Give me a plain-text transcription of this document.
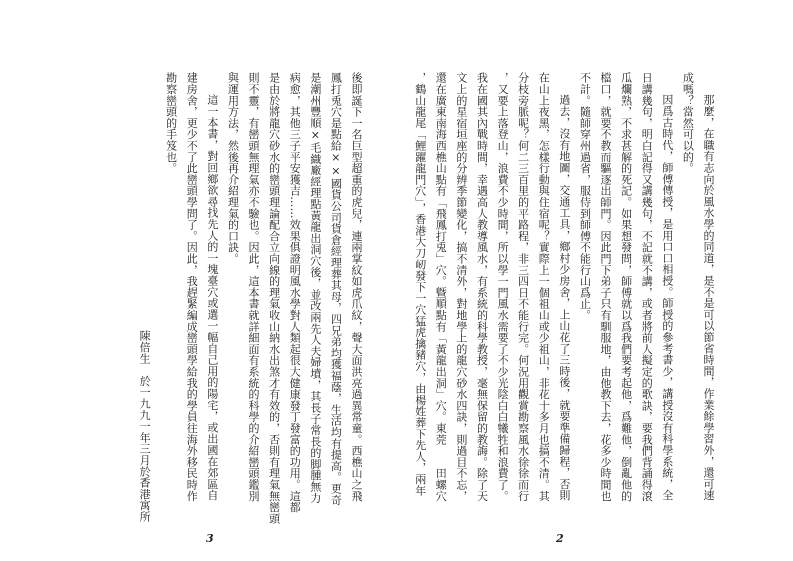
那麼，在職有志向於風水學的同道，是不是可以節省時間，作業餘學習外，還可速
成嗎？當然可以的。
因爲古時代，師傅傳授，是用口口相授。師授的參考書少，講授沒有科學系統，全
日講幾句，明白記得又講幾句，不記就不講，或者將前人擬定的歌訣，要我們背誦得滾
瓜爛熟，不求甚解的死記。如果想發問，師傅就以爲我們要考起他，爲難他，倒亂他的
檔口，就要不教而驅逐出師門。因此門下弟子只有馴服地，由他教下去，花多少時間也
不計。隨師穿州過省，服侍到師傅不能行山爲止。
過去，沒有地圖，交通工具，鄉村少房舍，上山花了三時後，就要準備歸程，否則
在山上夜黑，怎樣行動與住宿呢？實際上一個祖山或少祖山，非花十多月也搞不清。其
分枝旁脈呢？何二三百里的平路程，非三四日不能行完。何況用觀賞勘察風水徐徐而行
，又要上落登山，浪費不少時間，所以學一門風水需要了不少光陰白白犧牲和浪費了。
我在國其內戰時間，幸遇高人教導風水，有系統的科學教授，毫無保留的教誨。除了天
文上的星宿垣座的分辨季節變化，搞不清外，對地學上的龍穴砂水四訣，則過目不忘，
還在廣東南海西樵山點有「飛鳳打兎」穴。曁順點有「黃龍出洞」穴。東莞　　田螺穴
，鶴山龍尾「鯉躍龍門穴」，香港大刀屻發下一穴猛虎擒豬穴，由楊姓葬下先人，兩年
2
後即誕下一名巨型超重的虎兒，連兩掌紋如虎爪紋，聲大面洪亮過異常童。西樵山之飛
鳳打兎穴是點給××國貨公司貨倉經理葬其母，四兄弟均獲福蔭，生活均有提高。更奇
是潮州豐順×毛織廠經理點黃龍出洞穴後，並改兩先人夫婦墳，其長子常長的脚腫無力
病愈，其他三子平安獲吉……效果俱證明風水學對人類起很大健康發丁發富的功用。這都
是由於將龍穴砂水的巒頭理論配合立向線的理氣收山納水出煞才有效的，否則有理氣無巒頭
則不靈，有巒頭無理氣亦不驗也。因此，這本書就詳細面有系統的科學的介紹巒頭鑑別
與運用方法，然後再介紹理氣的口訣。
這一本書，對回鄉欲尋找先人的一塊臺穴或選一幅自己用的陽宅，或出國在郊區自
建房舍，更少不了此巒頭學問了。因此，我趕緊編成巒頭學給我的學員往海外移民時作
勘察巒頭的手笈也。
陳倍生　於一九九一年三月於香港寓所
3
